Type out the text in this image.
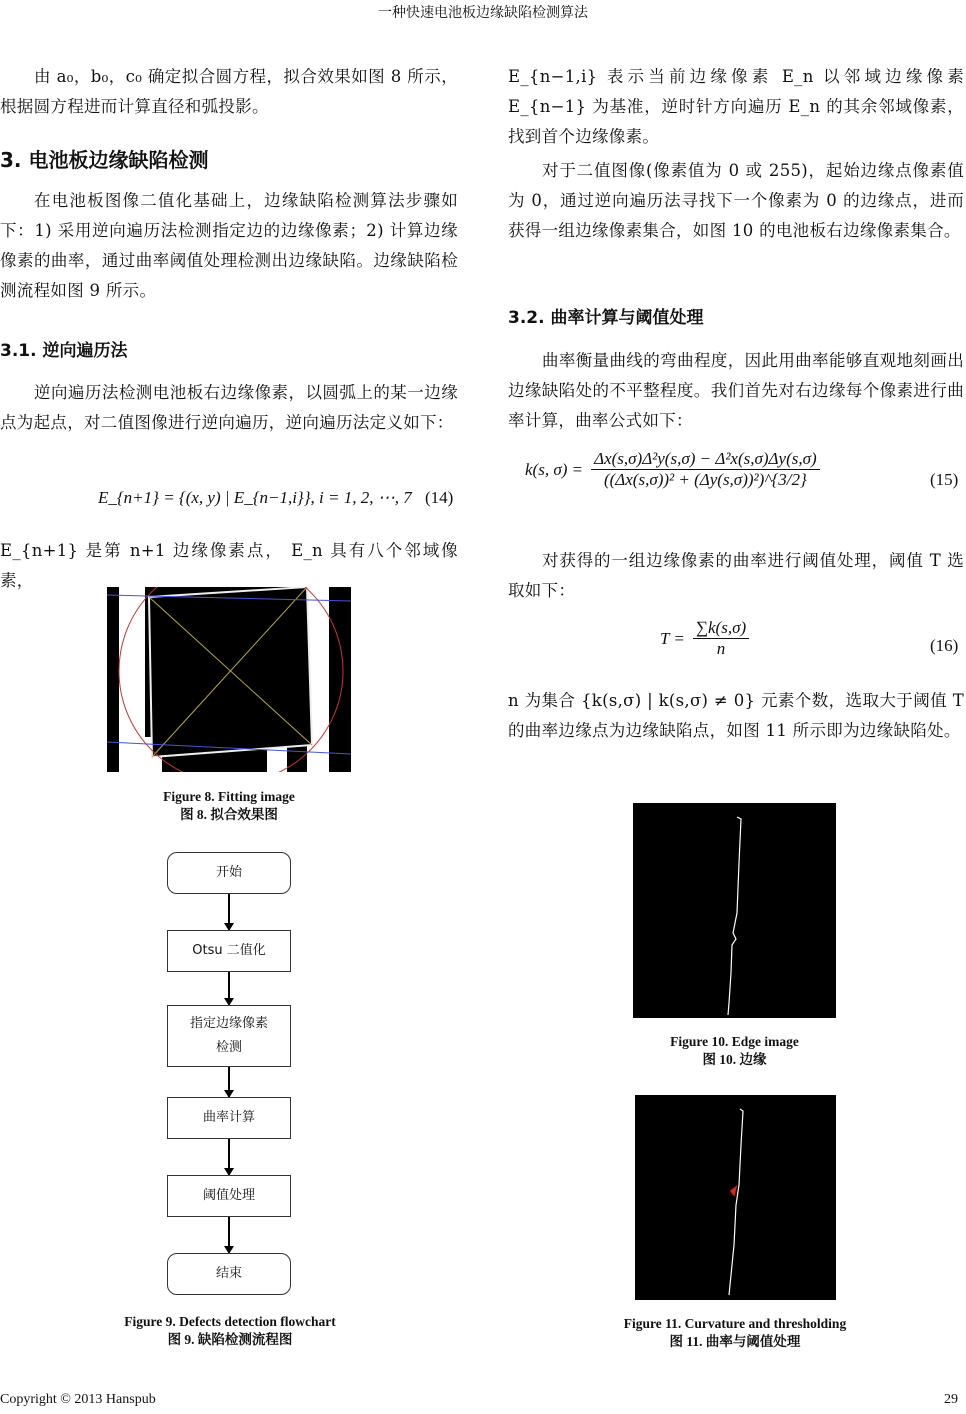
一种快速电池板边缘缺陷检测算法
由 a₀，b₀，c₀ 确定拟合圆方程，拟合效果如图 8 所示，根据圆方程进而计算直径和弧投影。
3. 电池板边缘缺陷检测
在电池板图像二值化基础上，边缘缺陷检测算法步骤如下：1) 采用逆向遍历法检测指定边的边缘像素；2) 计算边缘像素的曲率，通过曲率阈值处理检测出边缘缺陷。边缘缺陷检测流程如图 9 所示。
3.1. 逆向遍历法
逆向遍历法检测电池板右边缘像素，以圆弧上的某一边缘点为起点，对二值图像进行逆向遍历，逆向遍历法定义如下：
E_{n+1} = {(x, y) | E_{n−1,i}}, i = 1, 2, ⋯, 7 (14)
E_{n+1} 是第 n+1 边缘像素点， E_n 具有八个邻域像素，
Figure 8. Fitting image
图 8. 拟合效果图
开始
Otsu 二值化
指定边缘像素
检测
曲率计算
阈值处理
结束
Figure 9. Defects detection flowchart
图 9. 缺陷检测流程图
E_{n−1,i} 表示当前边缘像素 E_n 以邻域边缘像素 E_{n−1} 为基准，逆时针方向遍历 E_n 的其余邻域像素，找到首个边缘像素。
对于二值图像(像素值为 0 或 255)，起始边缘点像素值为 0，通过逆向遍历法寻找下一个像素为 0 的边缘点，进而获得一组边缘像素集合，如图 10 的电池板右边缘像素集合。
3.2. 曲率计算与阈值处理
曲率衡量曲线的弯曲程度，因此用曲率能够直观地刻画出边缘缺陷处的不平整程度。我们首先对右边缘每个像素进行曲率计算，曲率公式如下：
k(s, $\sigma) = \frac{\text{Δx(s,σ)Δ²y(s,σ) − Δ²x(s,σ)Δy(s,σ)}}{\text{((Δx(s,σ))² + (Δy(s,σ))²)\textasciicircum{}\{3/2\}}}$	(15)
对获得的一组边缘像素的曲率进行阈值处理，阈值 T 选取如下：
$T = \frac{\sum k(s,\sigma)}{n}$	(16)
n 为集合 {k(s,σ) | k(s,σ) ≠ 0} 元素个数，选取大于阈值 T 的曲率边缘点为边缘缺陷点，如图 11 所示即为边缘缺陷处。
Figure 10. Edge image
图 10. 边缘
Figure 11. Curvature and thresholding
图 11. 曲率与阈值处理
Copyright © 2013 Hanspub	29
